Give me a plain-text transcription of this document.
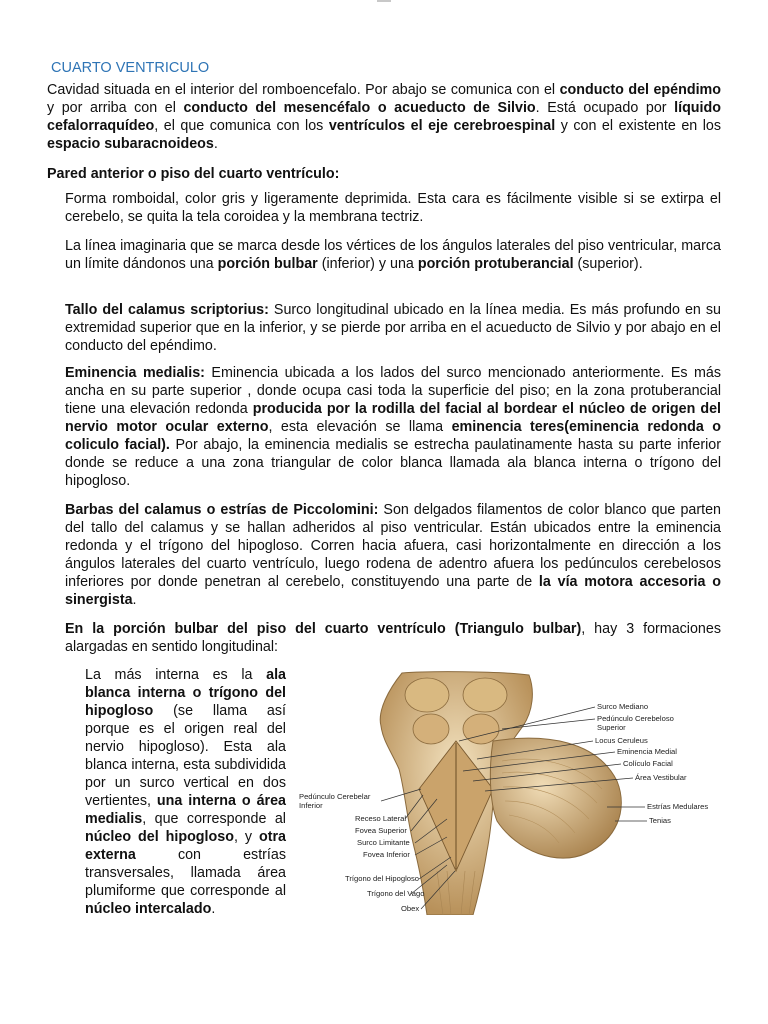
CUARTO VENTRICULO

Cavidad situada en el interior del romboencefalo. Por abajo se comunica con el conducto del epéndimo y por arriba con el conducto del mesencéfalo o acueducto de Silvio. Está ocupado por líquido cefalorraquídeo, el que comunica con los ventrículos el eje cerebroespinal y con el existente en los espacio subaracnoideos.

Pared anterior o piso del cuarto ventrículo:

Forma romboidal, color gris y ligeramente deprimida. Esta cara es fácilmente visible si se extirpa el cerebelo, se quita la tela coroidea y la membrana tectriz.

La línea imaginaria que se marca desde los vértices de los ángulos laterales del piso ventricular, marca un límite dándonos una porción bulbar (inferior) y una porción protuberancial (superior).

Tallo del calamus scriptorius: Surco longitudinal ubicado en la línea media. Es más profundo en su extremidad superior que en la inferior, y se pierde por arriba en el acueducto de Silvio y por abajo en el conducto del epéndimo.

Eminencia medialis: Eminencia ubicada a los lados del surco mencionado anteriormente. Es más ancha en su parte superior , donde ocupa casi toda la superficie del piso; en la zona protuberancial tiene una elevación redonda producida por la rodilla del facial al bordear el núcleo de origen del nervio motor ocular externo, esta elevación se llama eminencia teres(eminencia redonda o coliculo facial). Por abajo, la eminencia medialis se estrecha paulatinamente hasta su parte inferior donde se reduce a una zona triangular de color blanca llamada ala blanca interna o trígono del hipogloso.

Barbas del calamus o estrías de Piccolomini: Son delgados filamentos de color blanco que parten del tallo del calamus y se hallan adheridos al piso ventricular. Están ubicados entre la eminencia redonda y el trígono del hipogloso. Corren hacia afuera, casi horizontalmente en dirección a los ángulos laterales del cuarto ventrículo, luego rodena de adentro afuera los pedúnculos cerebelosos inferiores por donde penetran al cerebelo, constituyendo una parte de la vía motora accesoria o sinergista.

En la porción bulbar del piso del cuarto ventrículo (Triangulo bulbar), hay 3 formaciones alargadas en sentido longitudinal:

La más interna es la ala blanca interna o trígono del hipogloso (se llama así porque es el origen real del nervio hipogloso). Esta ala blanca interna, esta subdividida por un surco vertical en dos vertientes, una interna o área medialis, que corresponde al núcleo del hipogloso, y otra externa con estrías transversales, llamada área plumiforme que corresponde al núcleo intercalado.

Surco Mediano
Pedúnculo Cerebeloso
Superior
Locus Ceruleus
Eminencia Medial
Colículo Facial
Área Vestibular
Estrías Medulares
Tenias
Pedúnculo Cerebelar
Inferior
Receso Lateral
Fovea Superior
Surco Limitante
Fovea Inferior
Trígono del Hipogloso
Trígono del Vago
Obex
